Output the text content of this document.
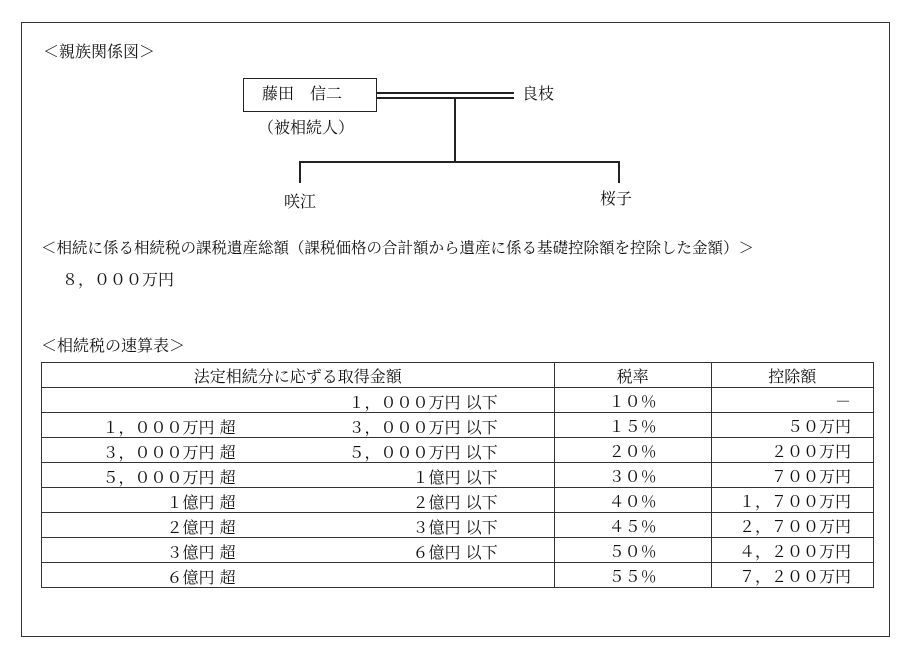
＜親族関係図＞
藤田　信二
（被相続人）
良枝
咲江	桜子
＜相続に係る相続税の課税遺産総額（課税価格の合計額から遺産に係る基礎控除額を控除した金額）＞
８，０００万円
＜相続税の速算表＞
法定相続分に応ずる取得金額	税率	控除額

１，０００万円 以下	１０％	－

１，０００万円 超 ３，０００万円 以下	１５％	５０万円

３，０００万円 超 ５，０００万円 以下	２０％	２００万円

５，０００万円 超 １億円 以下	３０％	７００万円

１億円 超 ２億円 以下	４０％	１，７００万円

２億円 超 ３億円 以下	４５％	２，７００万円

３億円 超 ６億円 以下	５０％	４，２００万円

６億円 超	５５％	７，２００万円
